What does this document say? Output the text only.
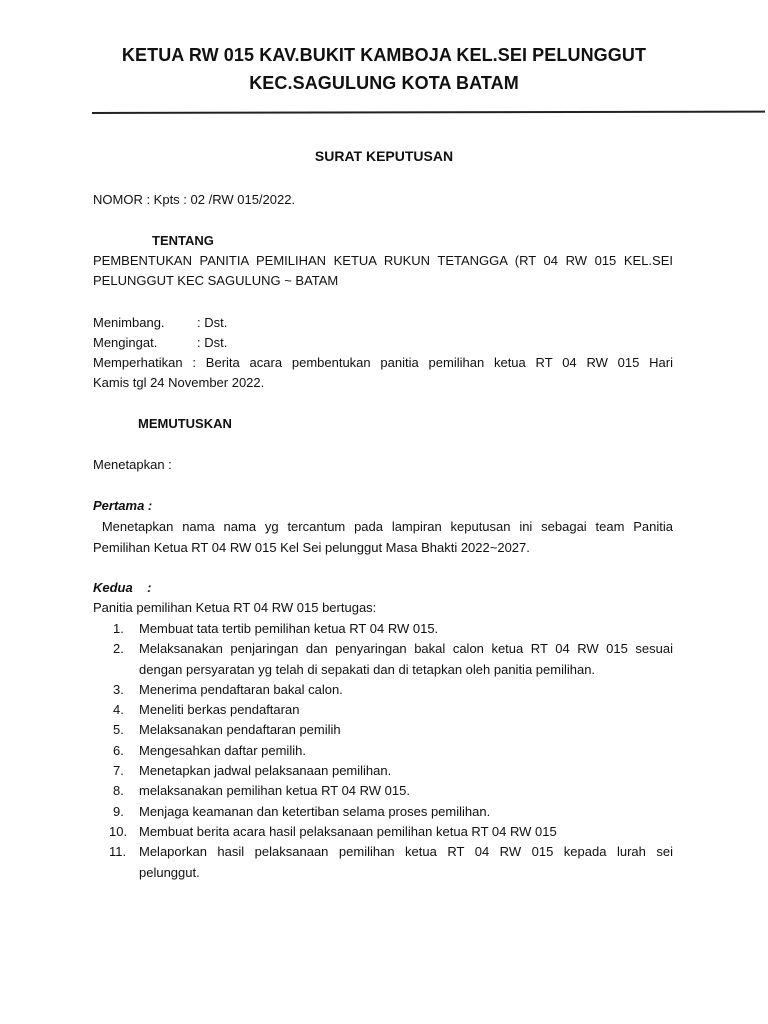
KETUA RW 015 KAV.BUKIT KAMBOJA KEL.SEI PELUNGGUT
KEC.SAGULUNG KOTA BATAM
SURAT KEPUTUSAN
NOMOR : Kpts : 02 /RW 015/2022.
TENTANG
PEMBENTUKAN PANITIA PEMILIHAN KETUA RUKUN TETANGGA (RT 04 RW 015 KEL.SEI
PELUNGGUT KEC SAGULUNG ~ BATAM
Menimbang. : Dst.
Mengingat.	: Dst.
Memperhatikan : Berita acara pembentukan panitia pemilihan ketua RT 04 RW 015 Hari
Kamis tgl 24 November 2022.
MEMUTUSKAN
Menetapkan :
Pertama :
Menetapkan nama nama yg tercantum pada lampiran keputusan ini sebagai team Panitia
Pemilihan Ketua RT 04 RW 015 Kel Sei pelunggut Masa Bhakti 2022~2027.
Kedua    :
Panitia pemilihan Ketua RT 04 RW 015 bertugas:
1.	Membuat tata tertib pemilihan ketua RT 04 RW 015.
2.	Melaksanakan penjaringan dan penyaringan bakal calon ketua RT 04 RW 015 sesuai
dengan persyaratan yg telah di sepakati dan di tetapkan oleh panitia pemilihan.
3.	Menerima pendaftaran bakal calon.
4.	Meneliti berkas pendaftaran
5.	Melaksanakan pendaftaran pemilih
6.	Mengesahkan daftar pemilih.
7.	Menetapkan jadwal pelaksanaan pemilihan.
8.	melaksanakan pemilihan ketua RT 04 RW 015.
9.	Menjaga keamanan dan ketertiban selama proses pemilihan.
10. Membuat berita acara hasil pelaksanaan pemilihan ketua RT 04 RW 015
11. Melaporkan hasil pelaksanaan pemilihan ketua RT 04 RW 015 kepada lurah sei
pelunggut.
